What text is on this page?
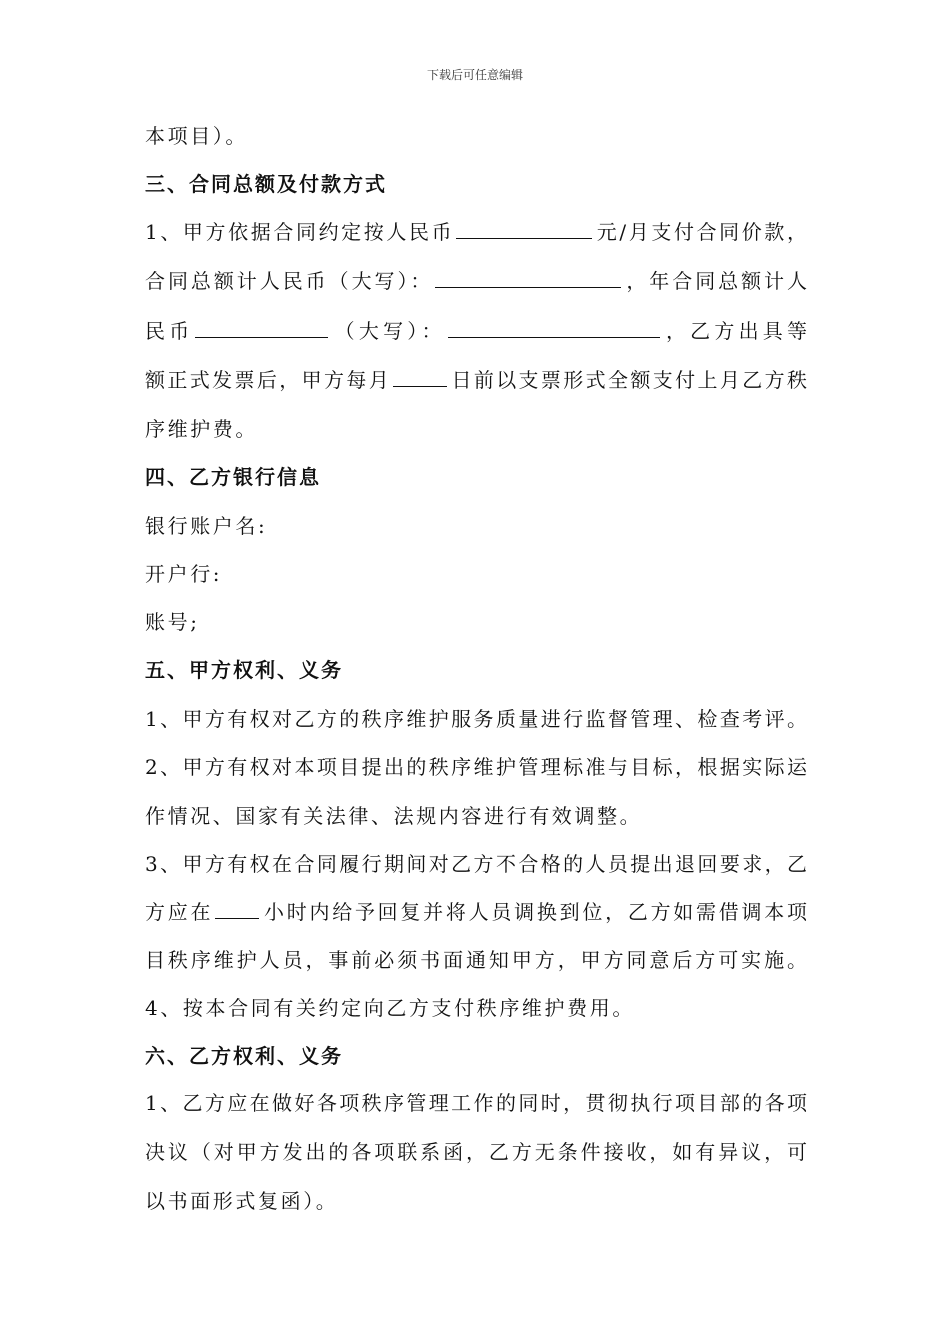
下载后可任意编辑
本项目）。
三、合同总额及付款方式
1、甲方依据合同约定按人民币	元/月支付合同价款，
合同总额计人民币（大写）：	，年合同总额计人
民币	（大写）：	，乙方出具等
额正式发票后，甲方每月	日前以支票形式全额支付上月乙方秩
序维护费。
四、乙方银行信息
银行账户名:
开户行:
账号;
五、甲方权利、义务
1、甲方有权对乙方的秩序维护服务质量进行监督管理、检查考评。
2、甲方有权对本项目提出的秩序维护管理标准与目标，根据实际运
作情况、国家有关法律、法规内容进行有效调整。
3、甲方有权在合同履行期间对乙方不合格的人员提出退回要求，乙
方应在 小时内给予回复并将人员调换到位，乙方如需借调本项
目秩序维护人员，事前必须书面通知甲方，甲方同意后方可实施。
4、按本合同有关约定向乙方支付秩序维护费用。
六、乙方权利、义务
1、乙方应在做好各项秩序管理工作的同时，贯彻执行项目部的各项
决议（对甲方发出的各项联系函，乙方无条件接收，如有异议，可
以书面形式复函）。
